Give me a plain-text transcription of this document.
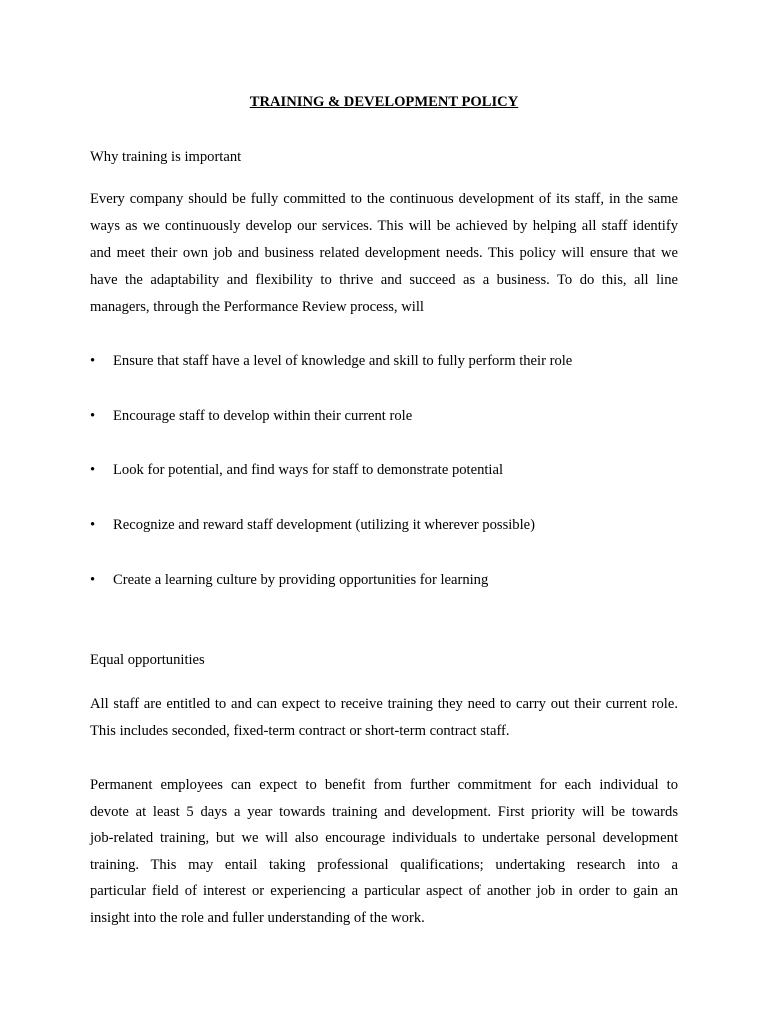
TRAINING & DEVELOPMENT POLICY
Why training is important
Every company should be fully committed to the continuous development of its staff, in the same
ways as we continuously develop our services. This will be achieved by helping all staff identify
and meet their own job and business related development needs. This policy will ensure that we
have the adaptability and flexibility to thrive and succeed as a business. To do this, all line
managers, through the Performance Review process, will
•	Ensure that staff have a level of knowledge and skill to fully perform their role
•	Encourage staff to develop within their current role
•	Look for potential, and find ways for staff to demonstrate potential
•	Recognize and reward staff development (utilizing it wherever possible)
•	Create a learning culture by providing opportunities for learning
Equal opportunities
All staff are entitled to and can expect to receive training they need to carry out their current role.
This includes seconded, fixed-term contract or short-term contract staff.
Permanent employees can expect to benefit from further commitment for each individual to
devote at least 5 days a year towards training and development. First priority will be towards
job-related training, but we will also encourage individuals to undertake personal development
training. This may entail taking professional qualifications; undertaking research into a
particular field of interest or experiencing a particular aspect of another job in order to gain an
insight into the role and fuller understanding of the work.
